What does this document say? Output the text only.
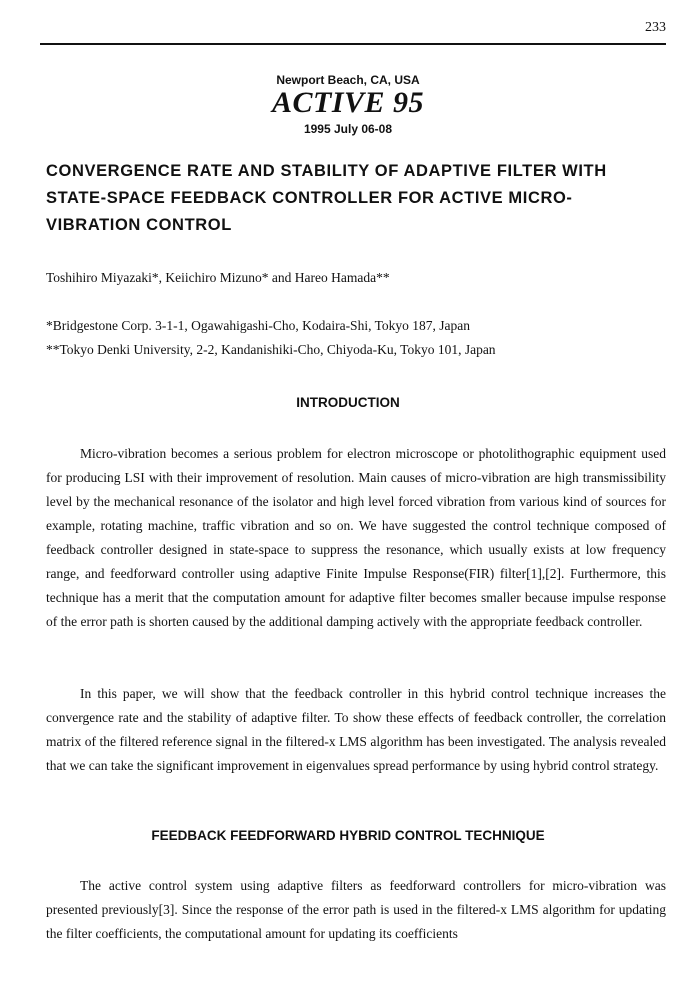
233
Newport Beach, CA, USA
ACTIVE 95
1995 July 06-08
CONVERGENCE RATE AND STABILITY OF ADAPTIVE FILTER WITH STATE-SPACE FEEDBACK CONTROLLER FOR ACTIVE MICRO-VIBRATION CONTROL
Toshihiro Miyazaki*, Keiichiro Mizuno* and Hareo Hamada**
*Bridgestone Corp. 3-1-1, Ogawahigashi-Cho, Kodaira-Shi, Tokyo 187, Japan
**Tokyo Denki University, 2-2, Kandanishiki-Cho, Chiyoda-Ku, Tokyo 101, Japan
INTRODUCTION

Micro-vibration becomes a serious problem for electron microscope or photolithographic equipment used for producing LSI with their improvement of resolution. Main causes of micro-vibration are high transmissibility level by the mechanical resonance of the isolator and high level forced vibration from various kind of sources for example, rotating machine, traffic vibration and so on. We have suggested the control technique composed of feedback controller designed in state-space to suppress the resonance, which usually exists at low frequency range, and feedforward controller using adaptive Finite Impulse Response(FIR) filter[1],[2]. Furthermore, this technique has a merit that the computation amount for adaptive filter becomes smaller because impulse response of the error path is shorten caused by the additional damping actively with the appropriate feedback controller.

In this paper, we will show that the feedback controller in this hybrid control technique increases the convergence rate and the stability of adaptive filter. To show these effects of feedback controller, the correlation matrix of the filtered reference signal in the filtered-x LMS algorithm has been investigated. The analysis revealed that we can take the significant improvement in eigenvalues spread performance by using hybrid control strategy.

FEEDBACK FEEDFORWARD HYBRID CONTROL TECHNIQUE

The active control system using adaptive filters as feedforward controllers for micro-vibration was presented previously[3]. Since the response of the error path is used in the filtered-x LMS algorithm for updating the filter coefficients, the computational amount for updating its coefficients
